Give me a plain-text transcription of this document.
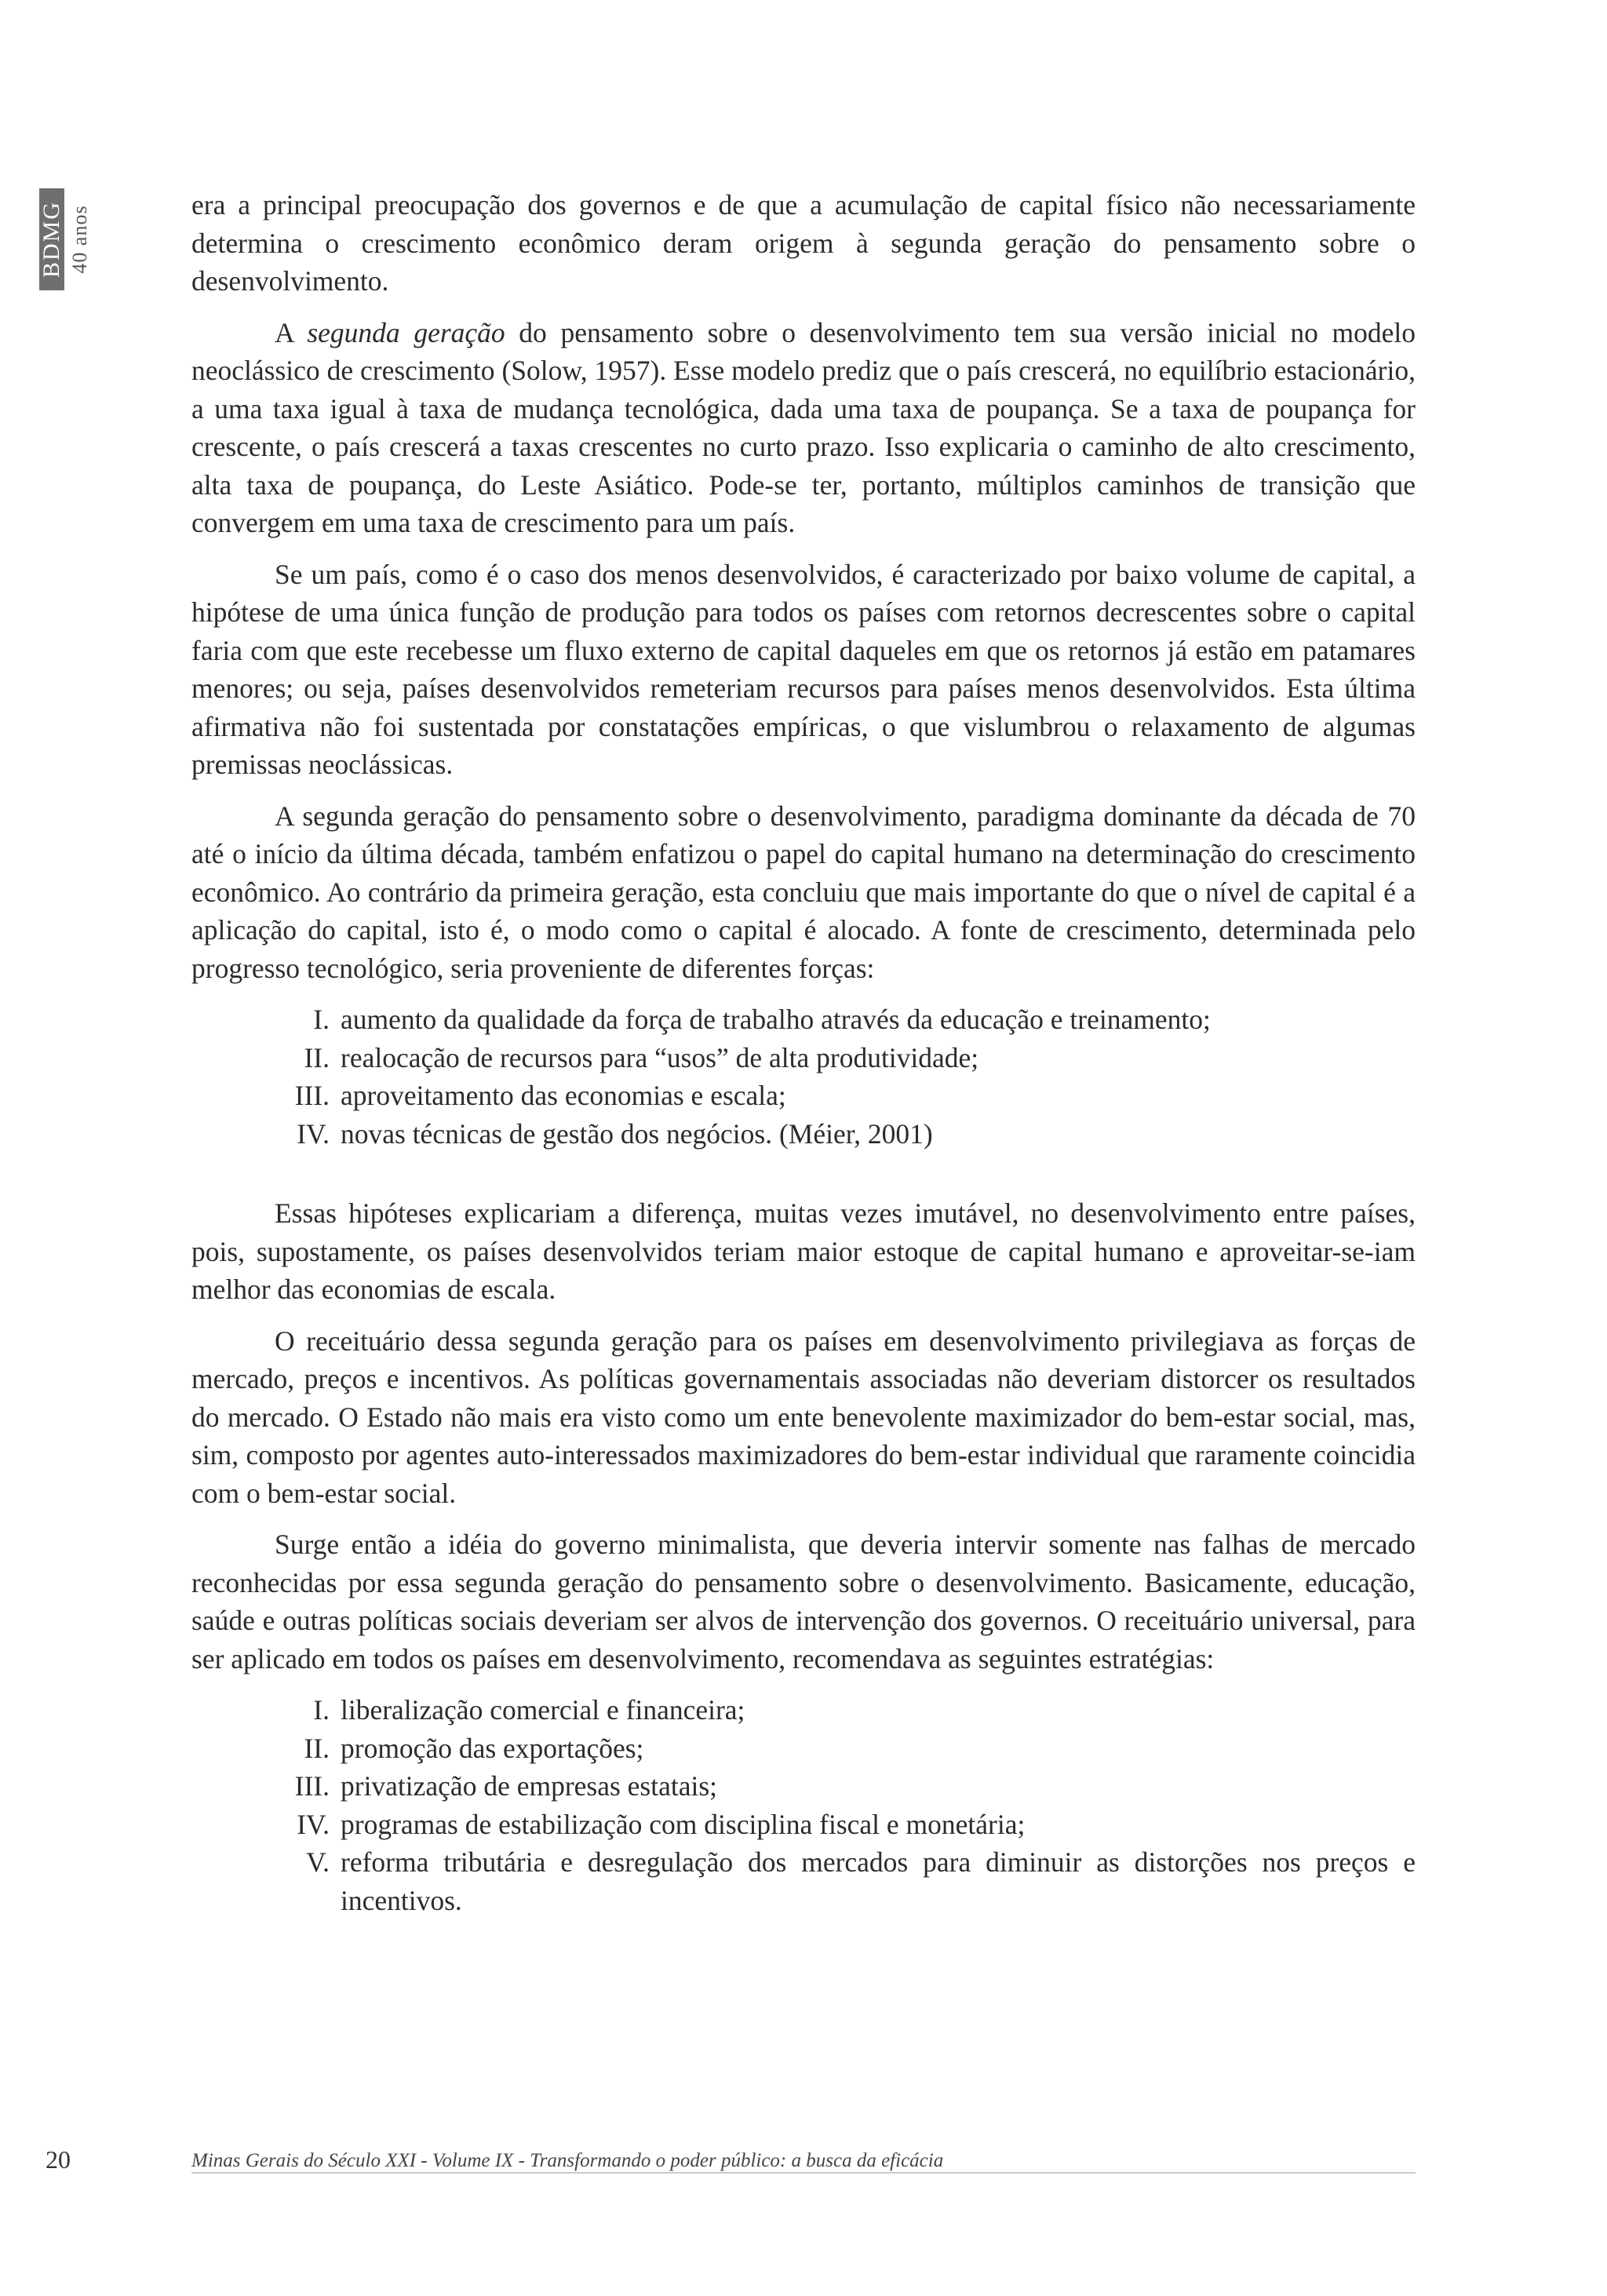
BDMG 40 anos

era a principal preocupação dos governos e de que a acumulação de capital físico não necessariamente determina o crescimento econômico deram origem à segunda geração do pensamento sobre o desenvolvimento.

A segunda geração do pensamento sobre o desenvolvimento tem sua versão inicial no modelo neoclássico de crescimento (Solow, 1957). Esse modelo prediz que o país crescerá, no equilíbrio estacionário, a uma taxa igual à taxa de mudança tecnológica, dada uma taxa de poupança. Se a taxa de poupança for crescente, o país crescerá a taxas crescentes no curto prazo. Isso explicaria o caminho de alto crescimento, alta taxa de poupança, do Leste Asiático. Pode-se ter, portanto, múltiplos caminhos de transição que convergem em uma taxa de crescimento para um país.

Se um país, como é o caso dos menos desenvolvidos, é caracterizado por baixo volume de capital, a hipótese de uma única função de produção para todos os países com retornos decrescentes sobre o capital faria com que este recebesse um fluxo externo de capital daqueles em que os retornos já estão em patamares menores; ou seja, países desenvolvidos remeteriam recursos para países menos desenvolvidos. Esta última afirmativa não foi sustentada por constatações empíricas, o que vislumbrou o relaxamento de algumas premissas neoclássicas.

A segunda geração do pensamento sobre o desenvolvimento, paradigma dominante da década de 70 até o início da última década, também enfatizou o papel do capital humano na determinação do crescimento econômico. Ao contrário da primeira geração, esta concluiu que mais importante do que o nível de capital é a aplicação do capital, isto é, o modo como o capital é alocado. A fonte de crescimento, determinada pelo progresso tecnológico, seria proveniente de diferentes forças:

I. aumento da qualidade da força de trabalho através da educação e treinamento;
II. realocação de recursos para “usos” de alta produtividade;
III. aproveitamento das economias e escala;
IV. novas técnicas de gestão dos negócios. (Méier, 2001)

Essas hipóteses explicariam a diferença, muitas vezes imutável, no desenvolvimento entre países, pois, supostamente, os países desenvolvidos teriam maior estoque de capital humano e aproveitar-se-iam melhor das economias de escala.

O receituário dessa segunda geração para os países em desenvolvimento privilegiava as forças de mercado, preços e incentivos. As políticas governamentais associadas não deveriam distorcer os resultados do mercado. O Estado não mais era visto como um ente benevolente maximizador do bem-estar social, mas, sim, composto por agentes auto-interessados maximizadores do bem-estar individual que raramente coincidia com o bem-estar social.

Surge então a idéia do governo minimalista, que deveria intervir somente nas falhas de mercado reconhecidas por essa segunda geração do pensamento sobre o desenvolvimento. Basicamente, educação, saúde e outras políticas sociais deveriam ser alvos de intervenção dos governos. O receituário universal, para ser aplicado em todos os países em desenvolvimento, recomendava as seguintes estratégias:

I. liberalização comercial e financeira;
II. promoção das exportações;
III. privatização de empresas estatais;
IV. programas de estabilização com disciplina fiscal e monetária;
V. reforma tributária e desregulação dos mercados para diminuir as distorções nos preços e incentivos.
20	Minas Gerais do Século XXI - Volume IX - Transformando o poder público: a busca da eficácia
